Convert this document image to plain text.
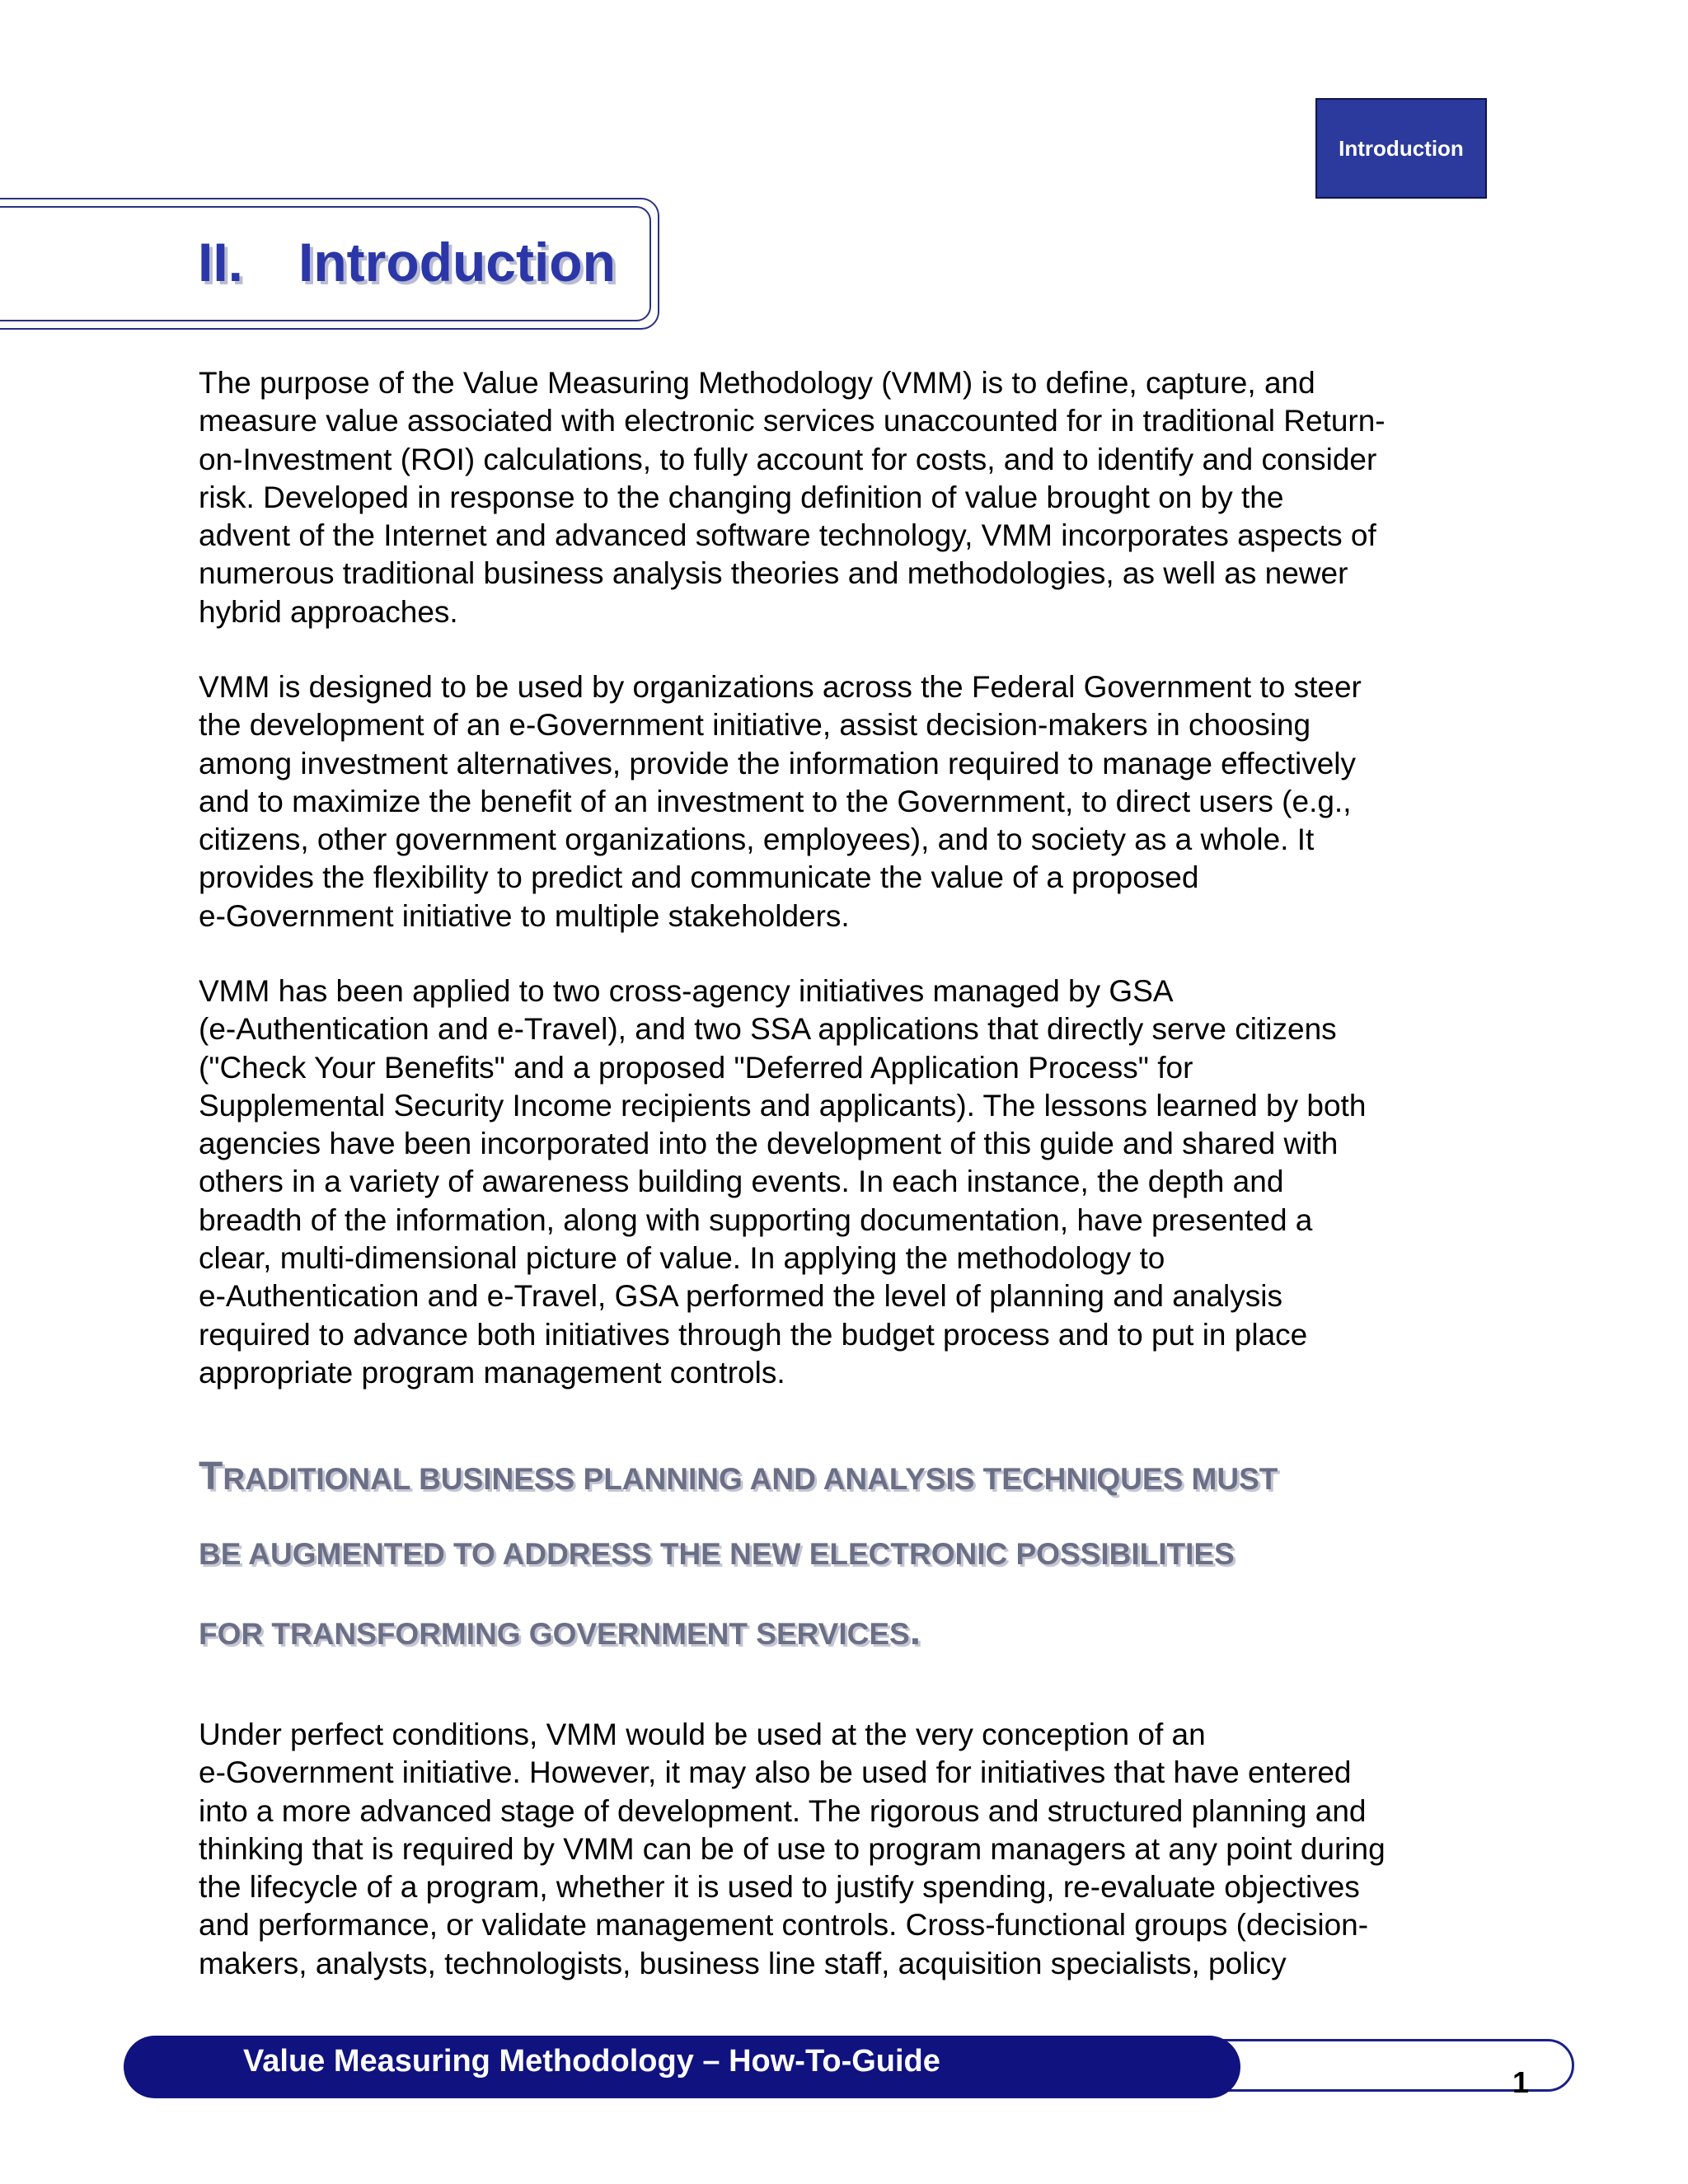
Introduction
II. Introduction
The purpose of the Value Measuring Methodology (VMM) is to define, capture, and
measure value associated with electronic services unaccounted for in traditional Return-
on-Investment (ROI) calculations, to fully account for costs, and to identify and consider
risk. Developed in response to the changing definition of value brought on by the
advent of the Internet and advanced software technology, VMM incorporates aspects of
numerous traditional business analysis theories and methodologies, as well as newer
hybrid approaches.
VMM is designed to be used by organizations across the Federal Government to steer
the development of an e-Government initiative, assist decision-makers in choosing
among investment alternatives, provide the information required to manage effectively
and to maximize the benefit of an investment to the Government, to direct users (e.g.,
citizens, other government organizations, employees), and to society as a whole. It
provides the flexibility to predict and communicate the value of a proposed
e-Government initiative to multiple stakeholders.
VMM has been applied to two cross-agency initiatives managed by GSA
(e-Authentication and e-Travel), and two SSA applications that directly serve citizens
("Check Your Benefits" and a proposed "Deferred Application Process" for
Supplemental Security Income recipients and applicants). The lessons learned by both
agencies have been incorporated into the development of this guide and shared with
others in a variety of awareness building events. In each instance, the depth and
breadth of the information, along with supporting documentation, have presented a
clear, multi-dimensional picture of value. In applying the methodology to
e-Authentication and e-Travel, GSA performed the level of planning and analysis
required to advance both initiatives through the budget process and to put in place
appropriate program management controls.
TRADITIONAL BUSINESS PLANNING AND ANALYSIS TECHNIQUES MUST
BE AUGMENTED TO ADDRESS THE NEW ELECTRONIC POSSIBILITIES
FOR TRANSFORMING GOVERNMENT SERVICES.
Under perfect conditions, VMM would be used at the very conception of an
e-Government initiative. However, it may also be used for initiatives that have entered
into a more advanced stage of development. The rigorous and structured planning and
thinking that is required by VMM can be of use to program managers at any point during
the lifecycle of a program, whether it is used to justify spending, re-evaluate objectives
and performance, or validate management controls. Cross-functional groups (decision-
makers, analysts, technologists, business line staff, acquisition specialists, policy
Value Measuring Methodology – How-To-Guide
1
